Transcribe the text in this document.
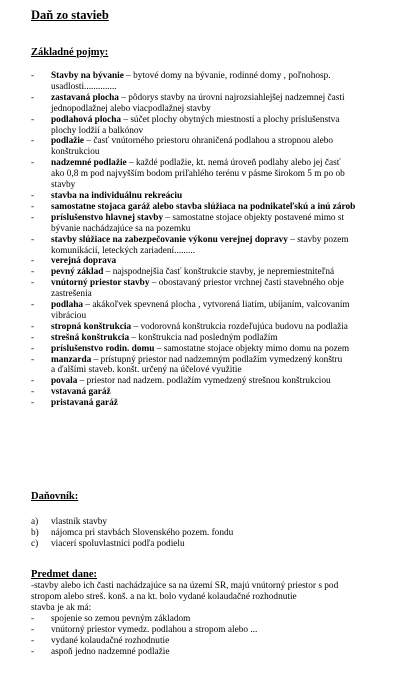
Daň zo stavieb
Základné pojmy:
- Stavby na bývanie – bytové domy na bývanie, rodinné domy , poľnohosp.
usadlosti..............
- zastavaná plocha – pôdorys stavby na úrovni najrozsiahlejšej nadzemnej časti
jednopodlažnej alebo viacpodlažnej stavby
- podlahová plocha – súčet plochy obytných miestností a plochy príslušenstva
plochy lodžií a balkónov
- podlažie – časť vnútorného priestoru ohraničená podlahou a stropnou alebo
konštrukciou
- nadzemné podlažie – každé podlažie, kt. nemá úroveň podlahy alebo jej časť
ako 0,8 m pod najvyšším bodom priľahlého terénu v pásme širokom 5 m po ob
stavby
- stavba na individuálnu rekreáciu
- samostatne stojaca garáž alebo stavba slúžiaca na podnikateľskú a inú zárob
- príslušenstvo hlavnej stavby – samostatne stojace objekty postavené mimo st
bývanie nachádzajúce sa na pozemku
- stavby slúžiace na zabezpečovanie výkonu verejnej dopravy – stavby pozem
komunikácií, leteckých zariadení.........
- verejná doprava
- pevný základ – najspodnejšia časť konštrukcie stavby, je nepremiestniteľná
- vnútorný priestor stavby – obostavaný priestor vrchnej časti stavebného obje
zastrešenia
- podlaha – akákoľvek spevnená plocha , vytvorená liatím, ubíjaním, valcovaním
vibráciou
- stropná konštrukcia – vodorovná konštrukcia rozdeľujúca budovu na podlažia
- strešná konštrukcia – konštrukcia nad posledným podlažím
- príslušenstvo rodin. domu – samostatne stojace objekty mimo domu na pozem
- manzarda – prístupný priestor nad nadzemným podlažím vymedzený konštru
a ďalšími staveb. konšt. určený na účelové využitie
- povala – priestor nad nadzem. podlažím vymedzený strešnou konštrukciou
- vstavaná garáž
- pristavaná garáž
Daňovník:
a) vlastník stavby
b) nájomca pri stavbách Slovenského pozem. fondu
c) viacerí spoluvlastníci podľa podielu
Predmet dane:
-stavby alebo ich časti nachádzajúce sa na území SR, majú vnútorný priestor s pod
stropom alebo streš. konš. a na kt. bolo vydané kolaudačné rozhodnutie
stavba je ak má:
- spojenie so zemou pevným základom
- vnútorný priestor vymedz. podlahou a stropom alebo ...
- vydané kolaudačné rozhodnutie
- aspoň jedno nadzemné podlažie
